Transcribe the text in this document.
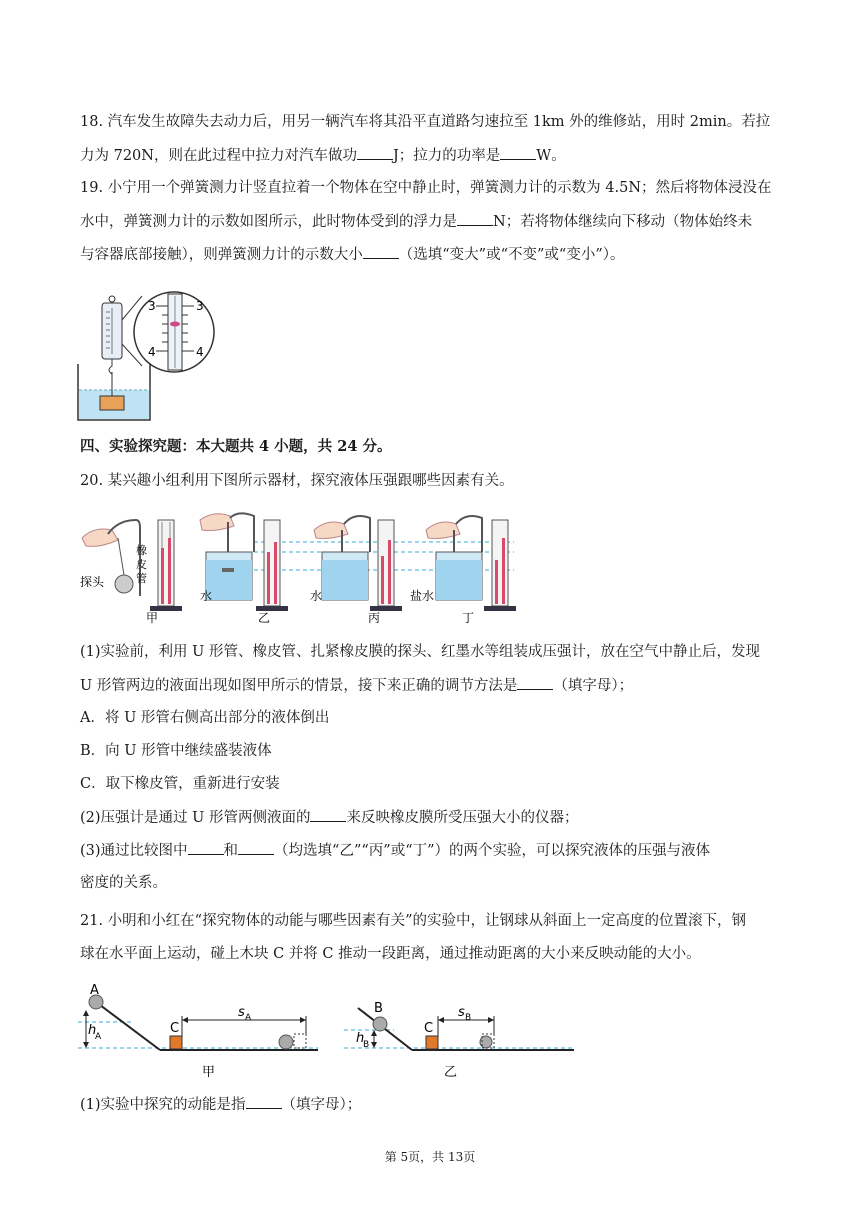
18. 汽车发生故障失去动力后，用另一辆汽车将其沿平直道路匀速拉至 1km 外的维修站，用时 2min。若拉
力为 720N，则在此过程中拉力对汽车做功 J；拉力的功率是 W。
19. 小宁用一个弹簧测力计竖直拉着一个物体在空中静止时，弹簧测力计的示数为 4.5N；然后将物体浸没在
水中，弹簧测力计的示数如图所示，此时物体受到的浮力是 N；若将物体继续向下移动（物体始终未
与容器底部接触），则弹簧测力计的示数大小 （选填“变大”或“不变”或“变小”）。
3	3
4	4
四、实验探究题：本大题共 4 小题，共 24 分。
20. 某兴趣小组利用下图所示器材，探究液体压强跟哪些因素有关。
橡
皮
管
探头
甲
水
乙
水
丙
盐水
丁
(1)实验前，利用 U 形管、橡皮管、扎紧橡皮膜的探头、红墨水等组装成压强计，放在空气中静止后，发现
U 形管两边的液面出现如图甲所示的情景，接下来正确的调节方法是 （填字母）；
A．将 U 形管右侧高出部分的液体倒出
B．向 U 形管中继续盛装液体
C．取下橡皮管，重新进行安装
(2)压强计是通过 U 形管两侧液面的 来反映橡皮膜所受压强大小的仪器；
(3)通过比较图中 和 （均选填“乙”“丙”或“丁”）的两个实验，可以探究液体的压强与液体
密度的关系。
21. 小明和小红在“探究物体的动能与哪些因素有关”的实验中，让钢球从斜面上一定高度的位置滚下，钢
球在水平面上运动，碰上木块 C 并将 C 推动一段距离，通过推动距离的大小来反映动能的大小。
A
h
A
C
s A
甲
B
h
B
C
s B
乙
(1)实验中探究的动能是指 （填字母）；
第 5页，共 13页
